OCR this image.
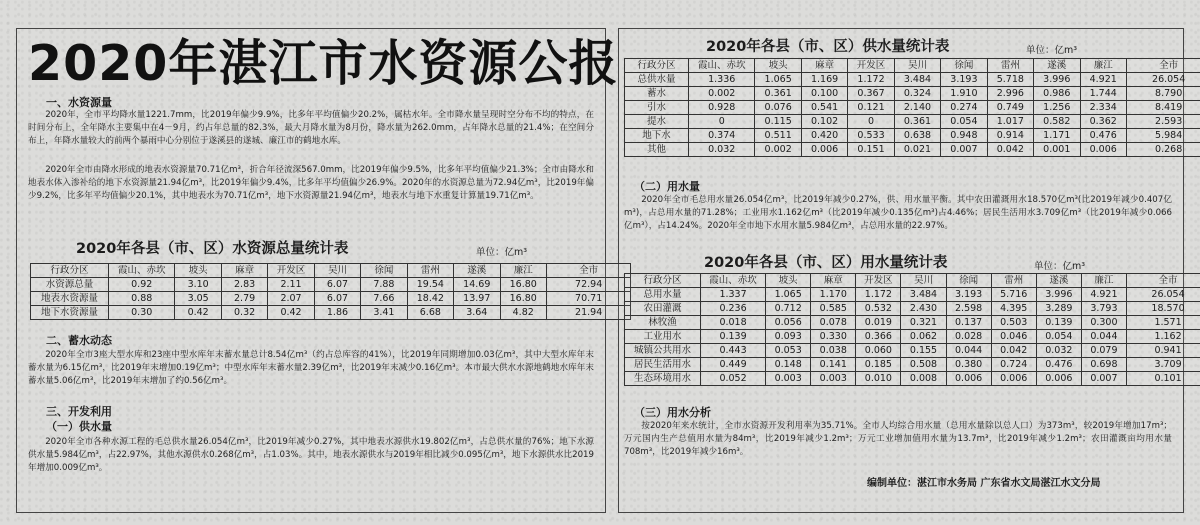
2020年湛江市水资源公报
一、水资源量
2020年，全市平均降水量1221.7mm，比2019年偏少9.9%，比多年平均值偏少20.2%，属枯水年。全市降水量呈现时空分布不均的特点，在时间分布上，全年降水主要集中在4－9月，约占年总量的82.3%，最大月降水量为8月份，降水量为262.0mm，占年降水总量的21.4%；在空间分布上，年降水量较大的前两个暴雨中心分别位于遂溪县的遂城、廉江市的鹤地水库。
2020年全市由降水形成的地表水资源量70.71亿m³，折合年径流深567.0mm，比2019年偏少9.5%，比多年平均值偏少21.3%；全市由降水和地表水体入渗补给的地下水资源量21.94亿m³，比2019年偏少9.4%，比多年平均值偏少26.9%。2020年的水资源总量为72.94亿m³，比2019年偏少9.2%，比多年平均值偏少20.1%，其中地表水为70.71亿m³，地下水资源量21.94亿m³，地表水与地下水重复计算量19.71亿m³。
2020年各县（市、区）水资源总量统计表	单位：亿m³
行政分区	霞山、赤坎	坡头	麻章	开发区	吴川	徐闻	雷州	遂溪	廉江	全市
水资源总量	0.92	3.10	2.83	2.11	6.07	7.88	19.54	14.69	16.80	72.94
地表水资源量	0.88	3.05	2.79	2.07	6.07	7.66	18.42	13.97	16.80	70.71
地下水资源量	0.30	0.42	0.32	0.42	1.86	3.41	6.68	3.64	4.82	21.94
二、蓄水动态
2020年全市3座大型水库和23座中型水库年末蓄水量总计8.54亿m³（约占总库容的41%），比2019年同期增加0.03亿m³，其中大型水库年末蓄水量为6.15亿m³，比2019年末增加0.19亿m³；中型水库年末蓄水量2.39亿m³，比2019年末减少0.16亿m³。本市最大供水水源地鹤地水库年末蓄水量5.06亿m³，比2019年末增加了约0.56亿m³。
三、开发利用
（一）供水量
2020年全市各种水源工程的毛总供水量26.054亿m³，比2019年减少0.27%，其中地表水源供水19.802亿m³，占总供水量的76%；地下水源供水量5.984亿m³，占22.97%，其他水源供水0.268亿m³，占1.03%。其中，地表水源供水与2019年相比减少0.095亿m³，地下水源供水比2019年增加0.009亿m³。
2020年各县（市、区）供水量统计表	单位：亿m³
行政分区	霞山、赤坎	坡头	麻章	开发区	吴川	徐闻	雷州	遂溪	廉江	全市
总供水量	1.336	1.065	1.169	1.172	3.484	3.193	5.718	3.996	4.921	26.054
蓄水	0.002	0.361	0.100	0.367	0.324	1.910	2.996	0.986	1.744	8.790
引水	0.928	0.076	0.541	0.121	2.140	0.274	0.749	1.256	2.334	8.419
提水	0	0.115	0.102	0	0.361	0.054	1.017	0.582	0.362	2.593
地下水	0.374	0.511	0.420	0.533	0.638	0.948	0.914	1.171	0.476	5.984
其他	0.032	0.002	0.006	0.151	0.021	0.007	0.042	0.001	0.006	0.268
（二）用水量
2020年全市毛总用水量26.054亿m³，比2019年减少0.27%，供、用水量平衡。其中农田灌溉用水18.570亿m³(比2019年减少0.407亿m³)，占总用水量的71.28%；工业用水1.162亿m³（比2019年减少0.135亿m³)占4.46%；居民生活用水3.709亿m³（比2019年减少0.066亿m³），占14.24%。2020年全市地下水用水量5.984亿m³，占总用水量的22.97%。
2020年各县（市、区）用水量统计表	单位：亿m³
行政分区	霞山、赤坎	坡头	麻章	开发区	吴川	徐闻	雷州	遂溪	廉江	全市
总用水量	1.337	1.065	1.170	1.172	3.484	3.193	5.716	3.996	4.921	26.054
农田灌溉	0.236	0.712	0.585	0.532	2.430	2.598	4.395	3.289	3.793	18.570
林牧渔	0.018	0.056	0.078	0.019	0.321	0.137	0.503	0.139	0.300	1.571
工业用水	0.139	0.093	0.330	0.366	0.062	0.028	0.046	0.054	0.044	1.162
城镇公共用水	0.443	0.053	0.038	0.060	0.155	0.044	0.042	0.032	0.079	0.941
居民生活用水	0.449	0.148	0.141	0.185	0.508	0.380	0.724	0.476	0.698	3.709
生态环境用水	0.052	0.003	0.003	0.010	0.008	0.006	0.006	0.006	0.007	0.101
（三）用水分析
按2020年来水统计，全市水资源开发利用率为35.71%。全市人均综合用水量（总用水量除以总人口）为373m³，较2019年增加17m³；万元国内生产总值用水量为84m³，比2019年减少1.2m³；万元工业增加值用水量为13.7m³，比2019年减少1.2m³；农田灌溉亩均用水量708m³，比2019年减少16m³。
编制单位：湛江市水务局 广东省水文局湛江水文分局
